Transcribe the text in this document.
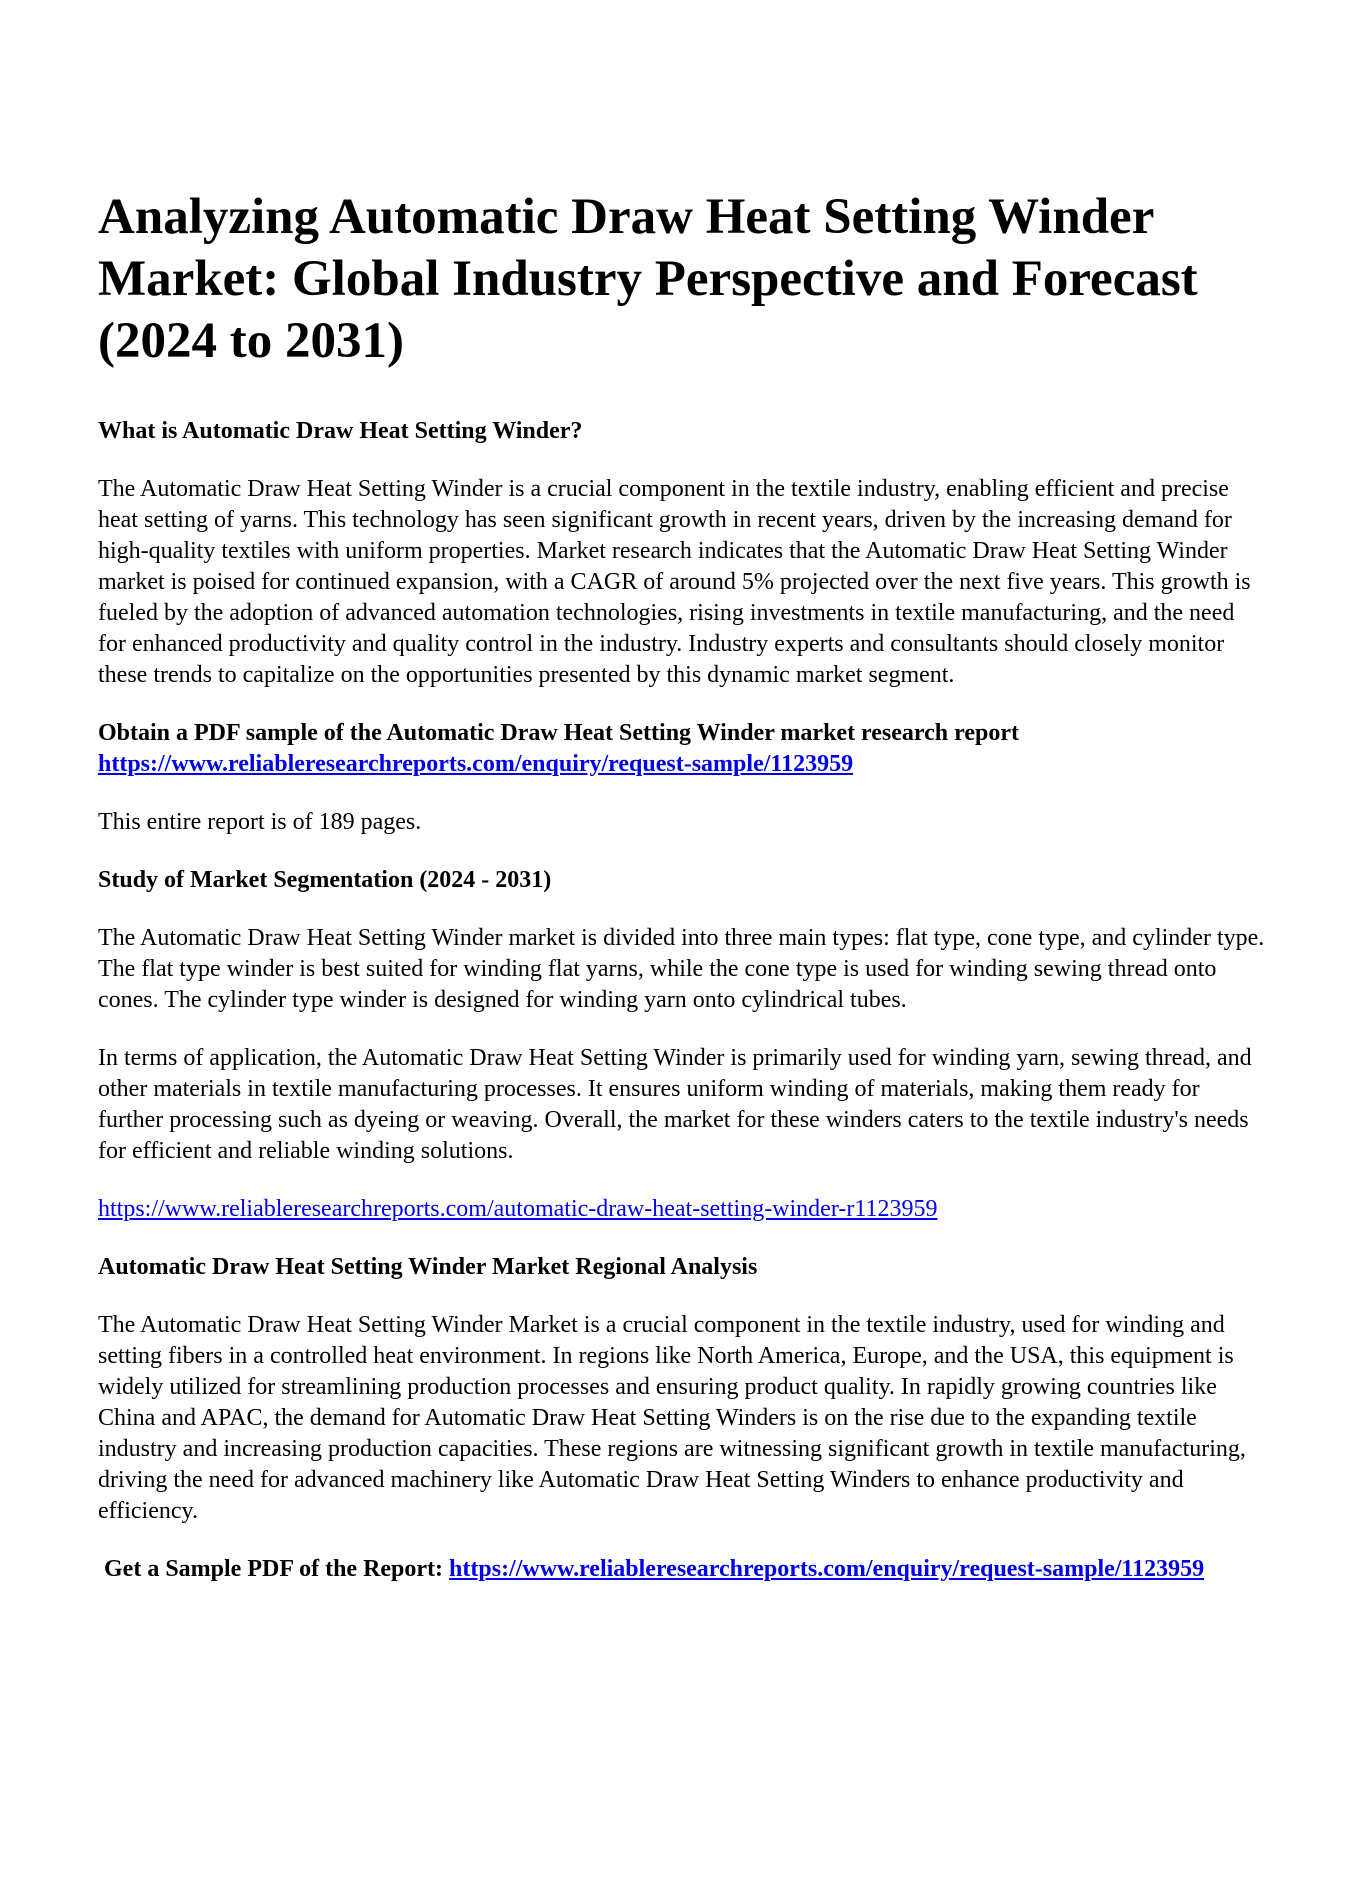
Analyzing Automatic Draw Heat Setting Winder Market: Global Industry Perspective and Forecast (2024 to 2031)
What is Automatic Draw Heat Setting Winder?

The Automatic Draw Heat Setting Winder is a crucial component in the textile industry, enabling efficient and precise heat setting of yarns. This technology has seen significant growth in recent years, driven by the increasing demand for high-quality textiles with uniform properties. Market research indicates that the Automatic Draw Heat Setting Winder market is poised for continued expansion, with a CAGR of around 5% projected over the next five years. This growth is fueled by the adoption of advanced automation technologies, rising investments in textile manufacturing, and the need for enhanced productivity and quality control in the industry. Industry experts and consultants should closely monitor these trends to capitalize on the opportunities presented by this dynamic market segment.

Obtain a PDF sample of the Automatic Draw Heat Setting Winder market research report https://www.reliableresearchreports.com/enquiry/request-sample/1123959

This entire report is of 189 pages.

Study of Market Segmentation (2024 - 2031)

The Automatic Draw Heat Setting Winder market is divided into three main types: flat type, cone type, and cylinder type. The flat type winder is best suited for winding flat yarns, while the cone type is used for winding sewing thread onto cones. The cylinder type winder is designed for winding yarn onto cylindrical tubes.

In terms of application, the Automatic Draw Heat Setting Winder is primarily used for winding yarn, sewing thread, and other materials in textile manufacturing processes. It ensures uniform winding of materials, making them ready for further processing such as dyeing or weaving. Overall, the market for these winders caters to the textile industry's needs for efficient and reliable winding solutions.

https://www.reliableresearchreports.com/automatic-draw-heat-setting-winder-r1123959

Automatic Draw Heat Setting Winder Market Regional Analysis

The Automatic Draw Heat Setting Winder Market is a crucial component in the textile industry, used for winding and setting fibers in a controlled heat environment. In regions like North America, Europe, and the USA, this equipment is widely utilized for streamlining production processes and ensuring product quality. In rapidly growing countries like China and APAC, the demand for Automatic Draw Heat Setting Winders is on the rise due to the expanding textile industry and increasing production capacities. These regions are witnessing significant growth in textile manufacturing, driving the need for advanced machinery like Automatic Draw Heat Setting Winders to enhance productivity and efficiency.

Get a Sample PDF of the Report: https://www.reliableresearchreports.com/enquiry/request-sample/1123959
